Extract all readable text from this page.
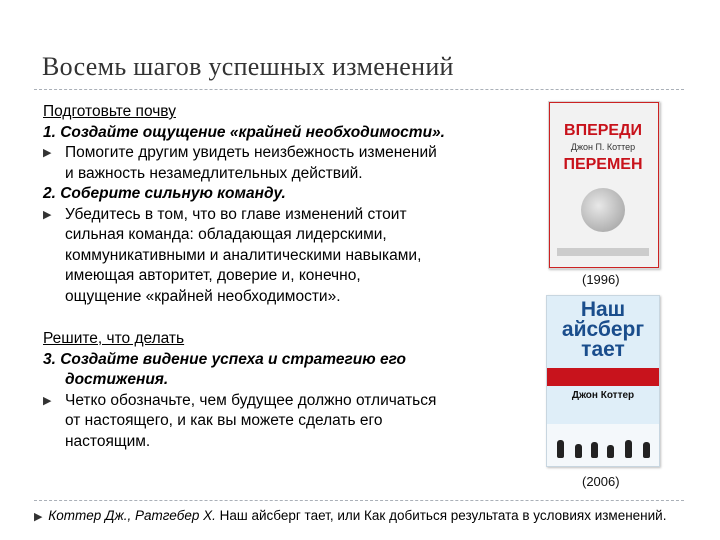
Восемь шагов успешных изменений
Подготовьте почву
1. Создайте ощущение «крайней необходимости».
▶ Помогите другим увидеть неизбежность изменений
и важность незамедлительных действий.
2. Соберите сильную команду.
▶ Убедитесь в том, что во главе изменений стоит
сильная команда: обладающая лидерскими,
коммуникативными и аналитическими навыками,
имеющая авторитет, доверие и, конечно,
ощущение «крайней необходимости».
Решите, что делать
3. Создайте видение успеха и стратегию его
достижения.
▶ Четко обозначьте, чем будущее должно отличаться
от настоящего, и как вы можете сделать его
настоящим.
ВПЕРЕДИ
Джон П. Коттер
ПЕРЕМЕН
(1996)
Наш
айсберг
тает
Джон Коттер
(2006)
▶ Коттер Дж., Ратгебер Х. Наш айсберг тает, или Как добиться результата в условиях изменений.
